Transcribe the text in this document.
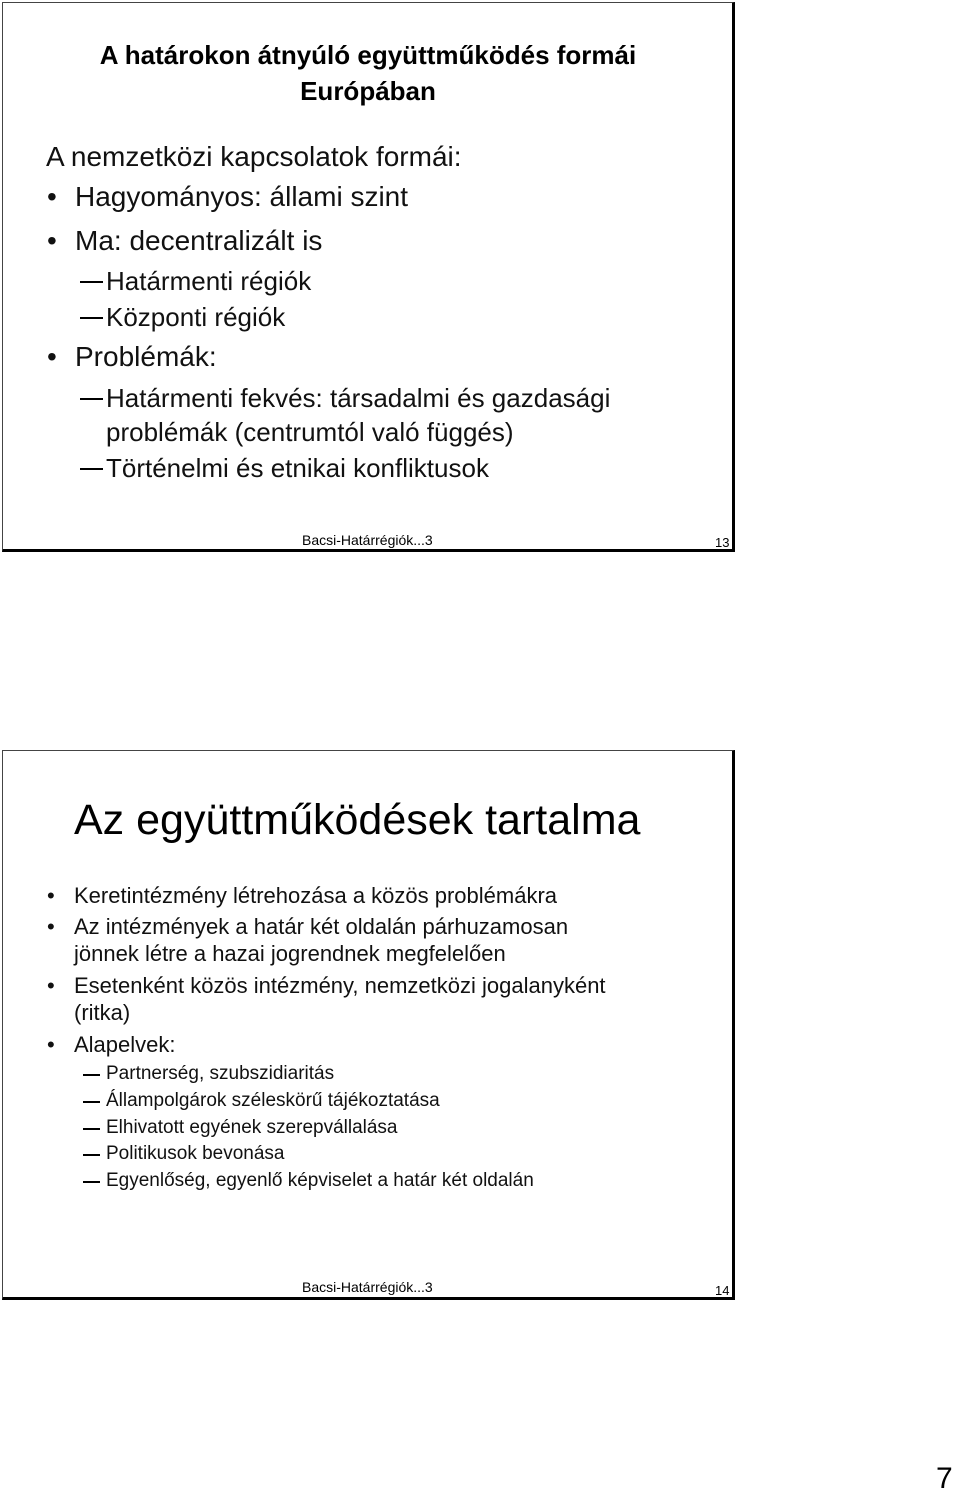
A határokon átnyúló együttműködés formái
Európában
A nemzetközi kapcsolatok formái:
• Hagyományos: állami szint
• Ma: decentralizált is
Határmenti régiók
Központi régiók
• Problémák:
Határmenti fekvés: társadalmi és gazdasági
problémák (centrumtól való függés)
Történelmi és etnikai konfliktusok
Bacsi-Határrégiók...3	13
Az együttműködések tartalma
• Keretintézmény létrehozása a közös problémákra
• Az intézmények a határ két oldalán párhuzamosan
jönnek létre a hazai jogrendnek megfelelően
• Esetenként közös intézmény, nemzetközi jogalanyként
(ritka)
• Alapelvek:
Partnerség, szubszidiaritás
Állampolgárok széleskörű tájékoztatása
Elhivatott egyének szerepvállalása
Politikusok bevonása
Egyenlőség, egyenlő képviselet a határ két oldalán
Bacsi-Határrégiók...3	14
7
